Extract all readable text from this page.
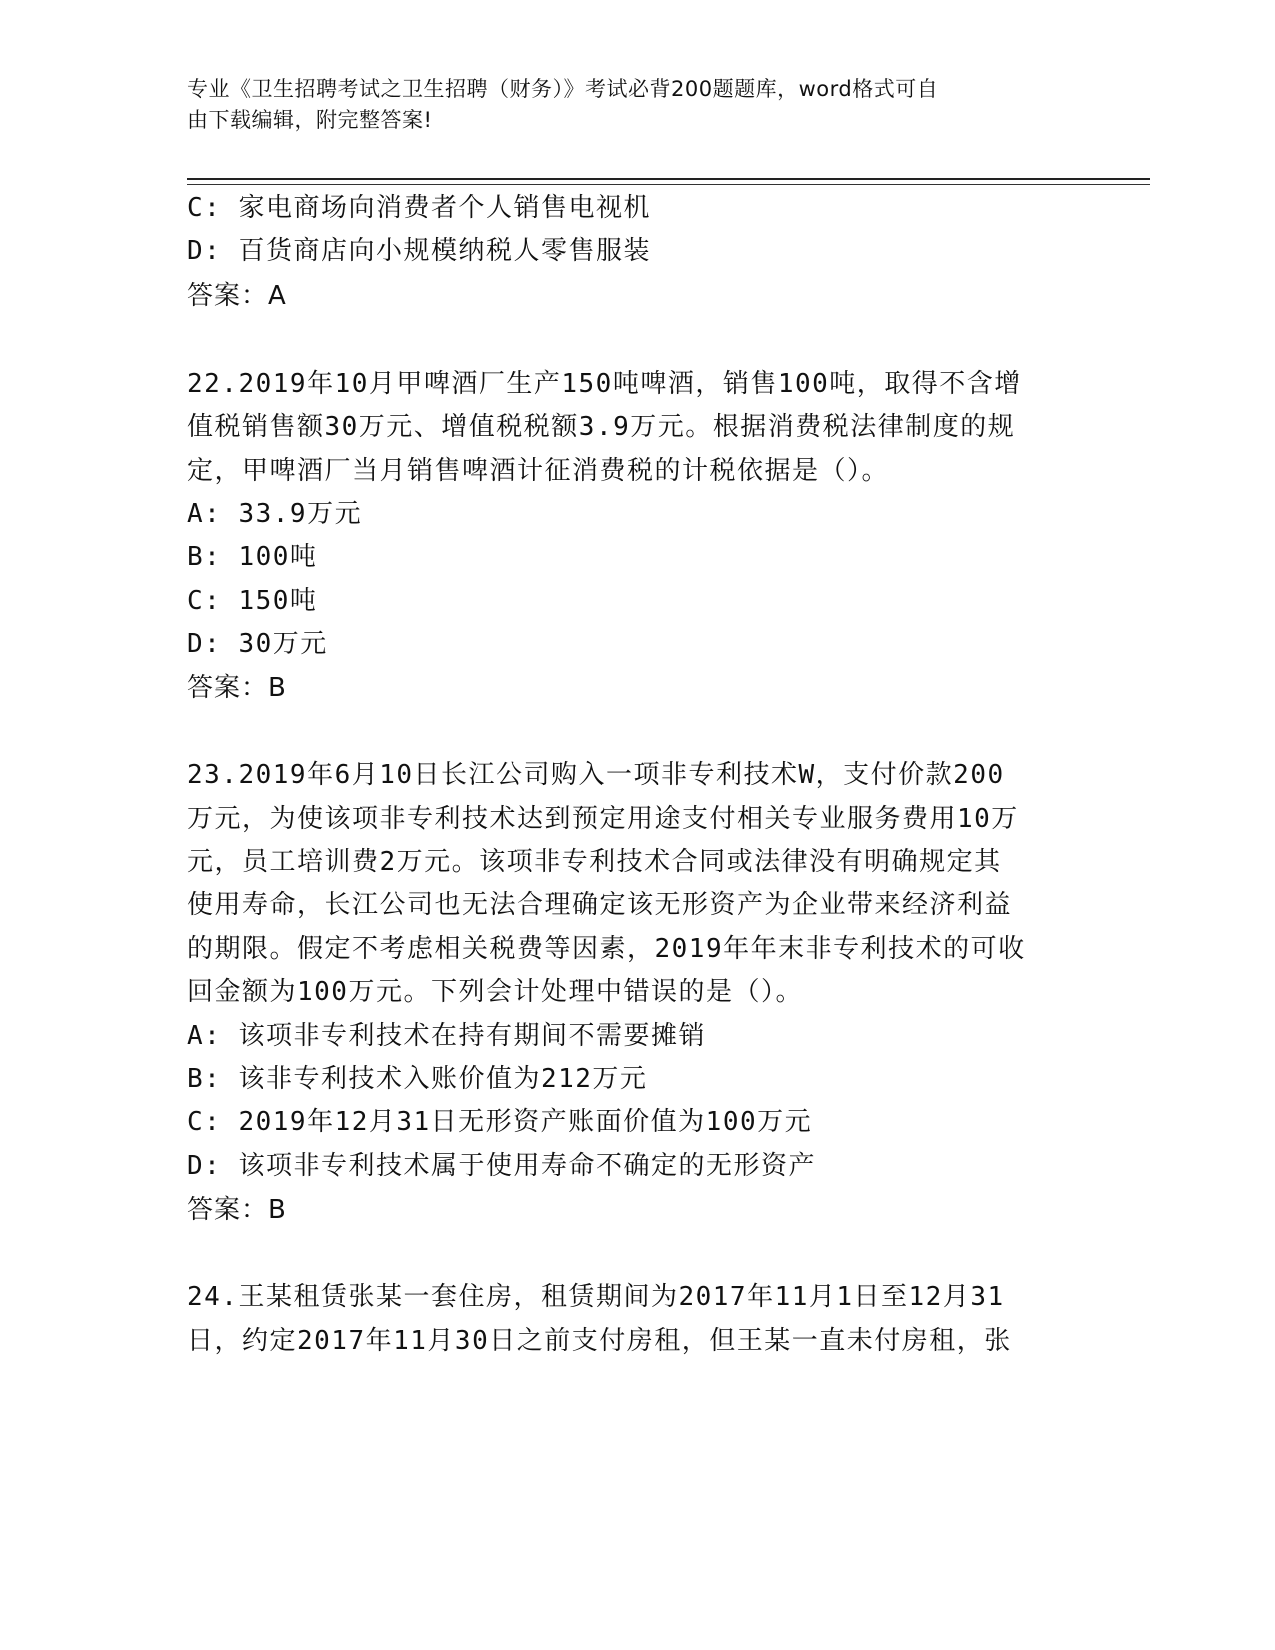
专业《卫生招聘考试之卫生招聘（财务）》考试必背200题题库，word格式可自
由下载编辑，附完整答案!
C: 家电商场向消费者个人销售电视机
D: 百货商店向小规模纳税人零售服装
答案：A
22.2019年10月甲啤酒厂生产150吨啤酒，销售100吨，取得不含增
值税销售额30万元、增值税税额3.9万元。根据消费税法律制度的规
定，甲啤酒厂当月销售啤酒计征消费税的计税依据是（）。
A: 33.9万元
B: 100吨
C: 150吨
D: 30万元
答案：B
23.2019年6月10日长江公司购入一项非专利技术W，支付价款200
万元，为使该项非专利技术达到预定用途支付相关专业服务费用10万
元，员工培训费2万元。该项非专利技术合同或法律没有明确规定其
使用寿命，长江公司也无法合理确定该无形资产为企业带来经济利益
的期限。假定不考虑相关税费等因素，2019年年末非专利技术的可收
回金额为100万元。下列会计处理中错误的是（）。
A: 该项非专利技术在持有期间不需要摊销
B: 该非专利技术入账价值为212万元
C: 2019年12月31日无形资产账面价值为100万元
D: 该项非专利技术属于使用寿命不确定的无形资产
答案：B
24.王某租赁张某一套住房，租赁期间为2017年11月1日至12月31
日，约定2017年11月30日之前支付房租，但王某一直未付房租，张
